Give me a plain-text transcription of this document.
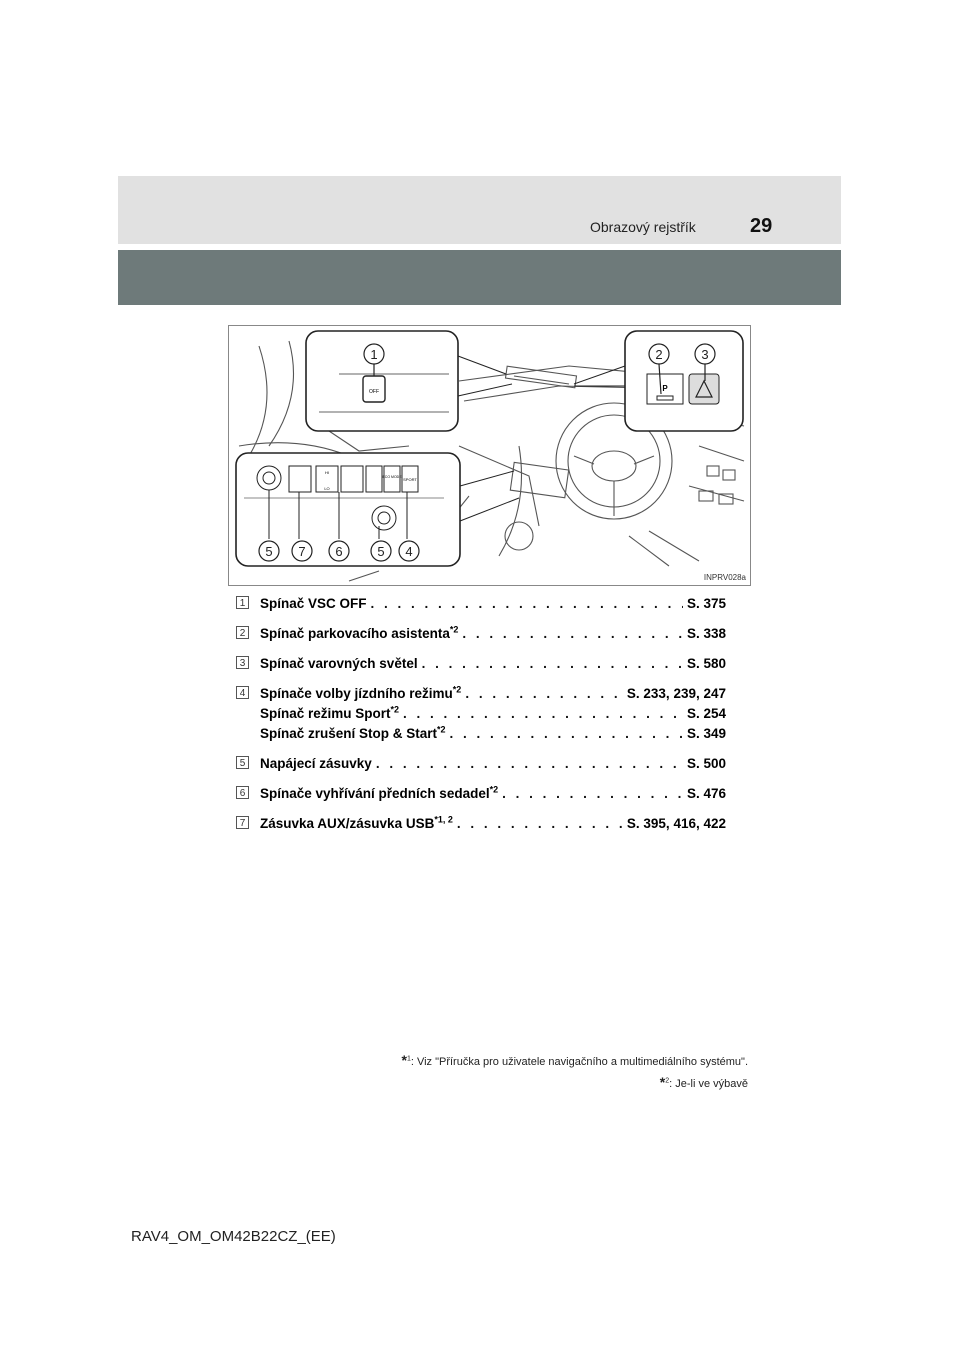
Obrazový rejstřík	29
OFF	P
HI
LO
ECO MODE SPORT
1	2	3
5 7 6	5 4
INPRV028a
1 Spínač VSC OFF . . .	S. 375
2 Spínač parkovacího asistenta$^{*2}$ . . .	S. 338
3 Spínač varovných světel . . .	S. 580
4 Spínače volby jízdního režimu$^{*2}$ . . .	S. 233, 239, 247
Spínač režimu Sport$^{*2}$ . . .	S. 254
Spínač zrušení Stop & Start$^{*2}$ . . .	S. 349
5 Napájecí zásuvky . . .	S. 500
6 Spínače vyhřívání předních sedadel$^{*2}$ . . .	S. 476
7 Zásuvka AUX/zásuvka USB$^{*1, 2}$ . . .	S. 395, 416, 422
*$^1$: Viz "Příručka pro uživatele navigačního a multimediálního systému".
*$^2$: Je-li ve výbavě
RAV4_OM_OM42B22CZ_(EE)
